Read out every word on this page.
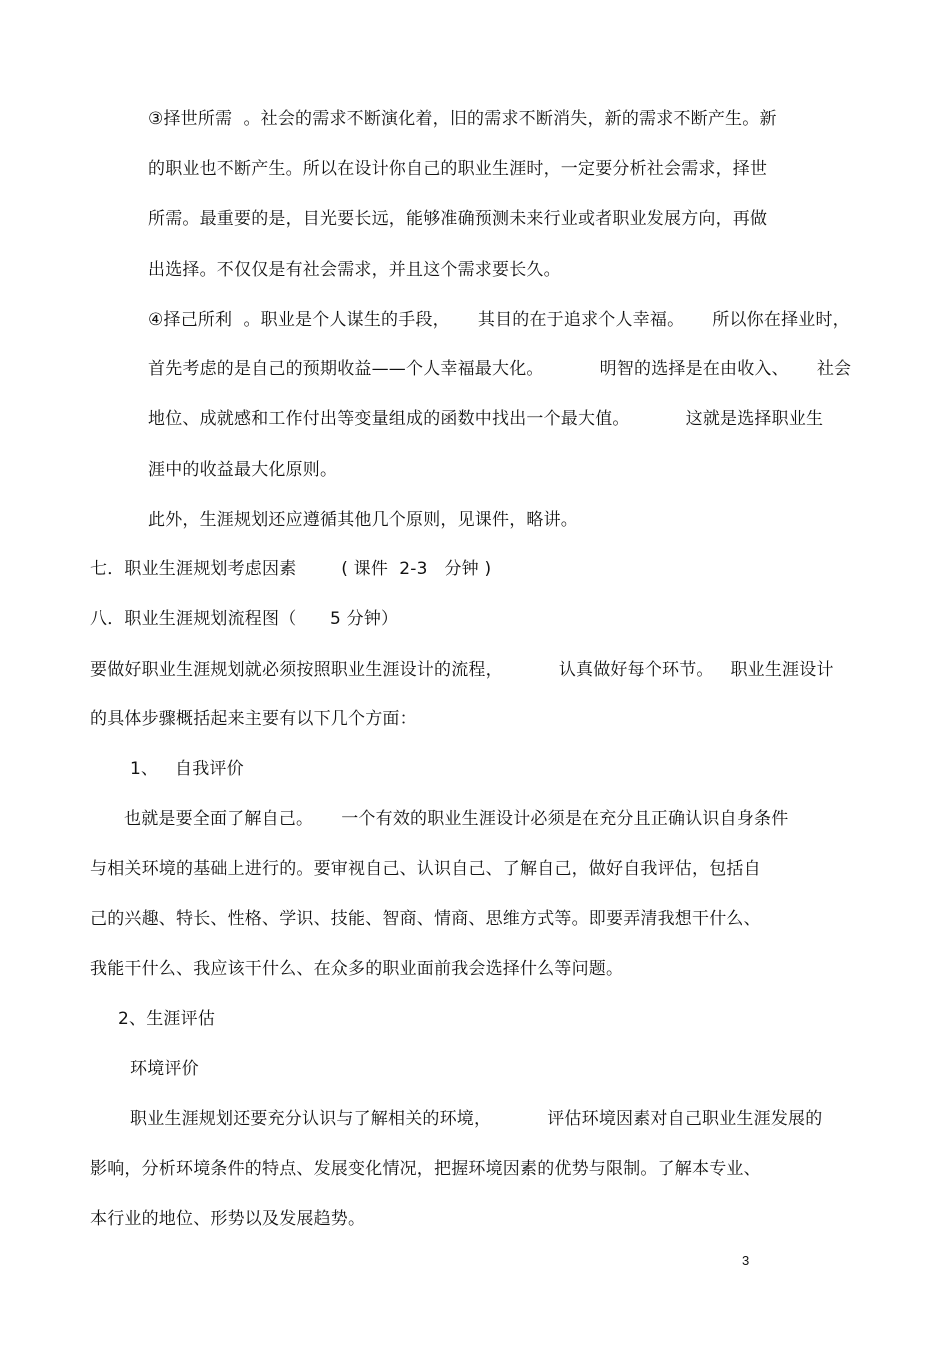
③择世所需  。社会的需求不断演化着，旧的需求不断消失，新的需求不断产生。新
的职业也不断产生。所以在设计你自己的职业生涯时，一定要分析社会需求，择世
所需。最重要的是，目光要长远，能够准确预测未来行业或者职业发展方向，再做
出选择。不仅仅是有社会需求，并且这个需求要长久。
④择己所利  。职业是个人谋生的手段，     其目的在于追求个人幸福。     所以你在择业时，
首先考虑的是自己的预期收益——个人幸福最大化。          明智的选择是在由收入、     社会
地位、成就感和工作付出等变量组成的函数中找出一个最大值。          这就是选择职业生
涯中的收益最大化原则。
此外，生涯规划还应遵循其他几个原则，见课件，略讲。
七．职业生涯规划考虑因素        ( 课件  2-3   分钟 )
八．职业生涯规划流程图（      5 分钟）
要做好职业生涯规划就必须按照职业生涯设计的流程，          认真做好每个环节。   职业生涯设计
的具体步骤概括起来主要有以下几个方面：
1、   自我评价
也就是要全面了解自己。     一个有效的职业生涯设计必须是在充分且正确认识自身条件
与相关环境的基础上进行的。要审视自己、认识自己、了解自己，做好自我评估，包括自
己的兴趣、特长、性格、学识、技能、智商、情商、思维方式等。即要弄清我想干什么、
我能干什么、我应该干什么、在众多的职业面前我会选择什么等问题。
2、生涯评估
环境评价
职业生涯规划还要充分认识与了解相关的环境，          评估环境因素对自己职业生涯发展的
影响，分析环境条件的特点、发展变化情况，把握环境因素的优势与限制。了解本专业、
本行业的地位、形势以及发展趋势。
3
